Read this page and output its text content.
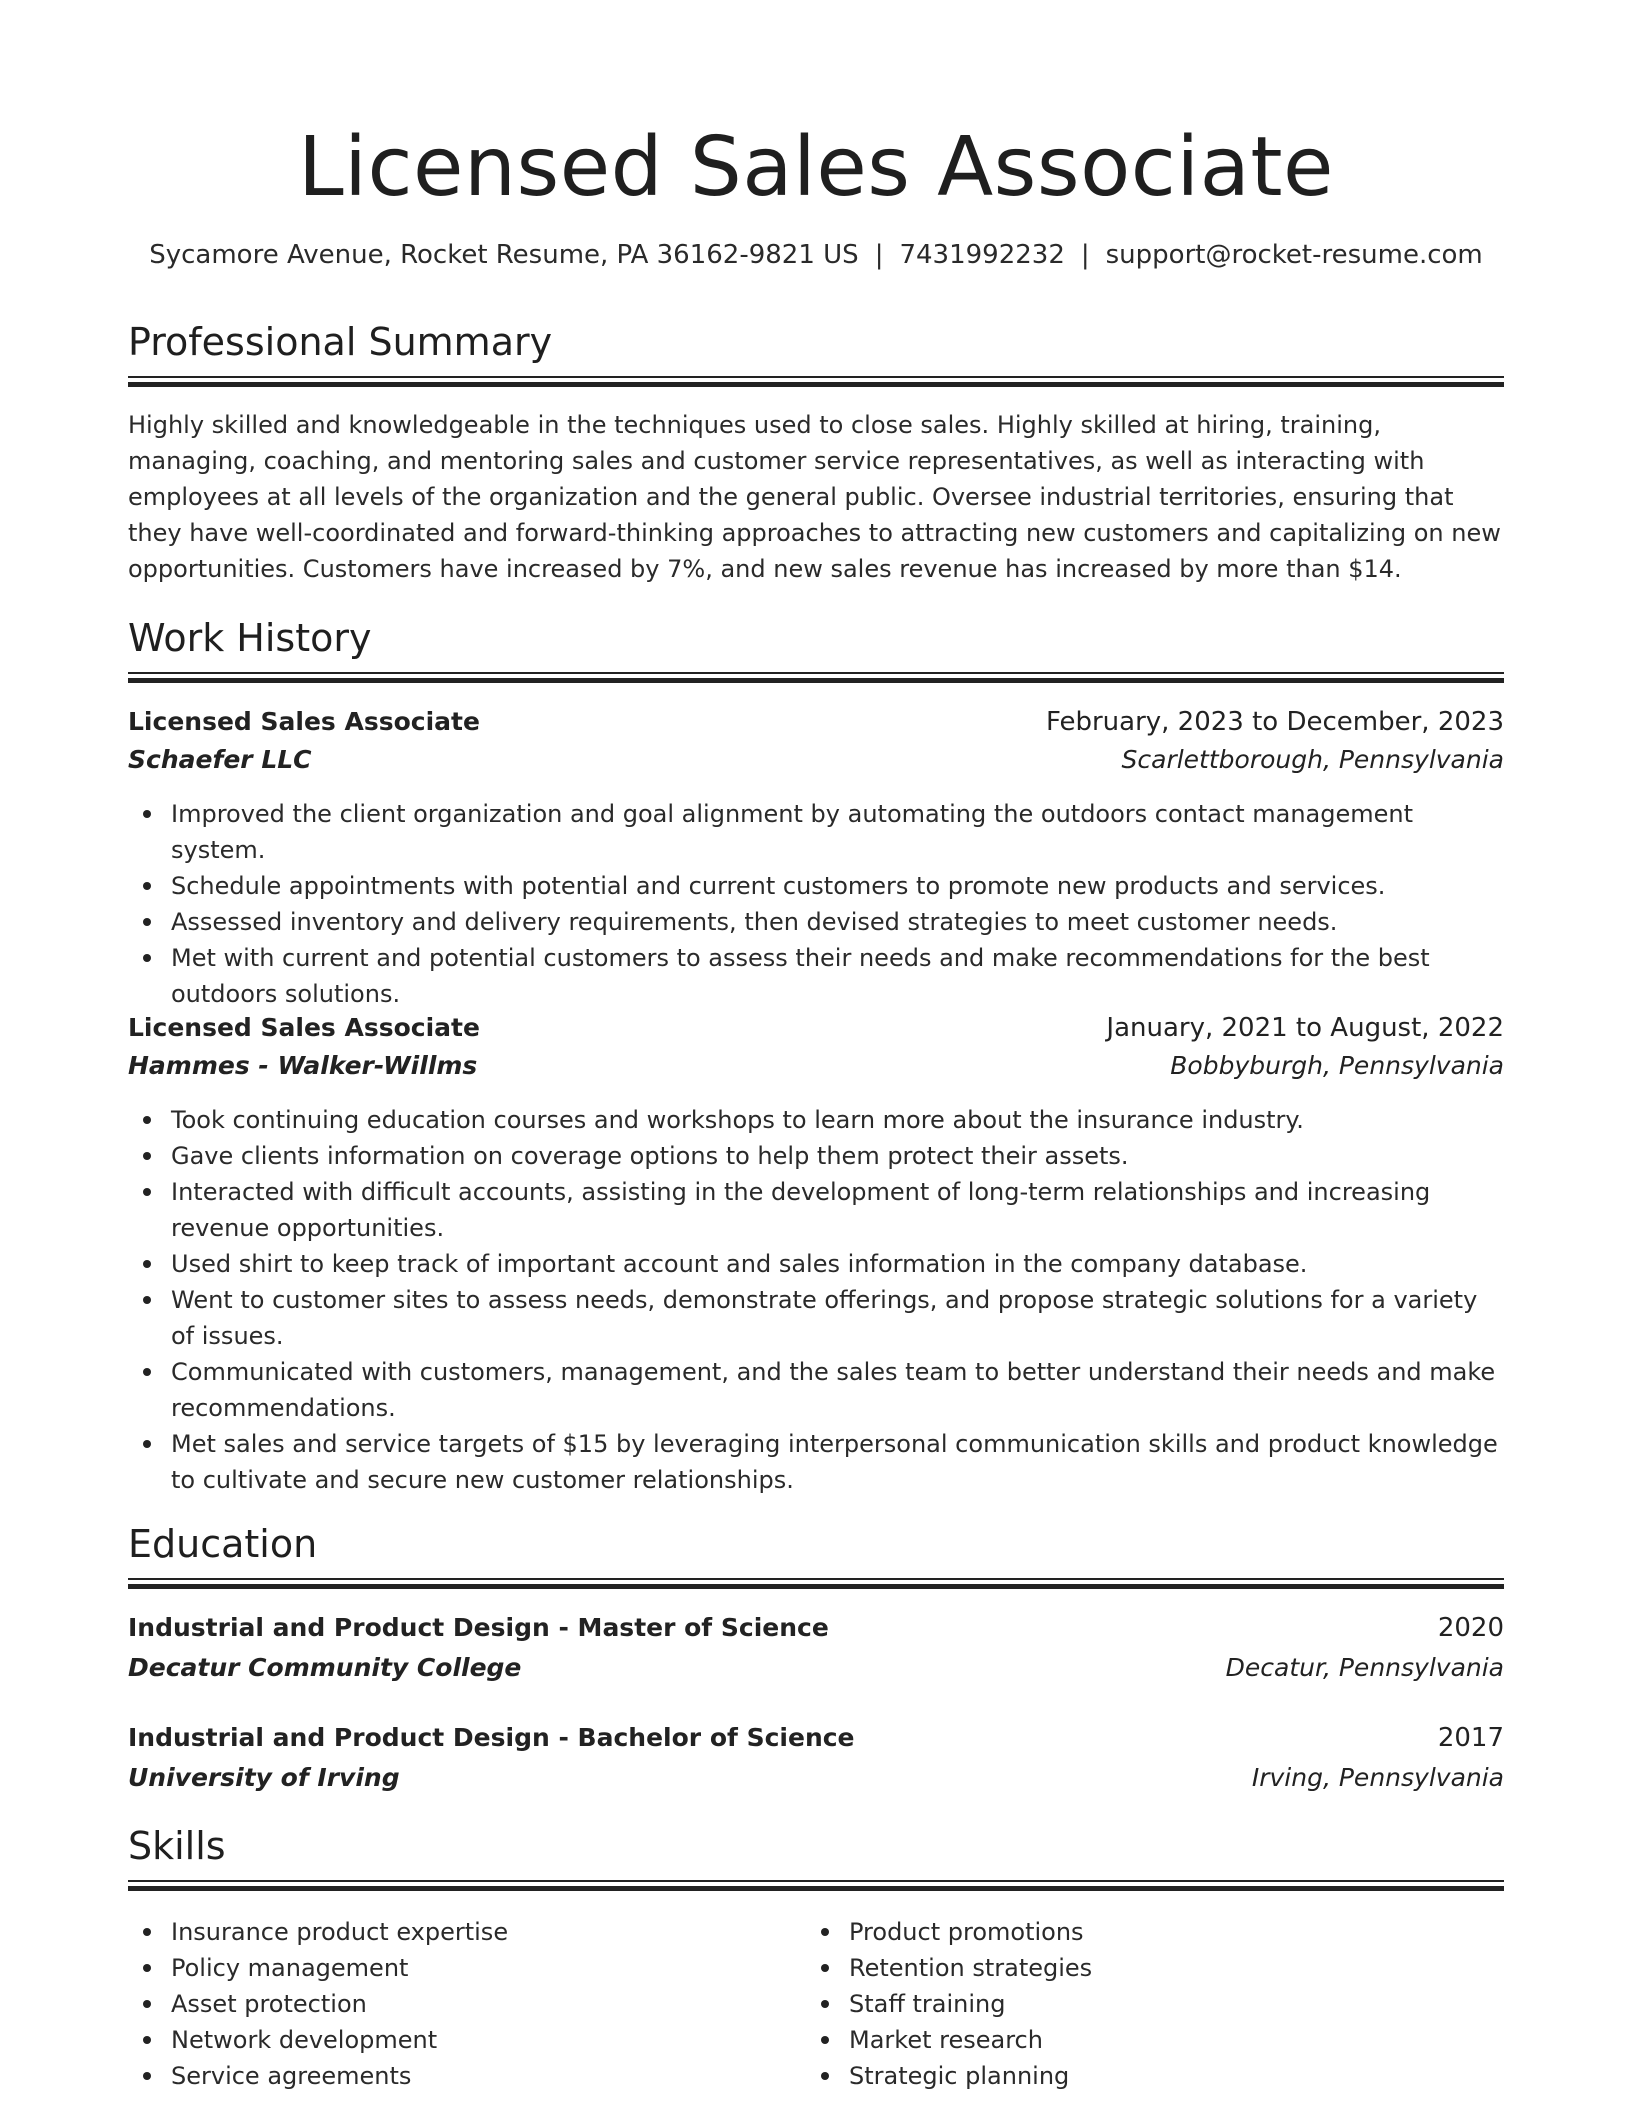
Licensed Sales Associate
Sycamore Avenue, Rocket Resume, PA 36162-9821 US | 7431992232 | support@rocket-resume.com
Professional Summary
Highly skilled and knowledgeable in the techniques used to close sales. Highly skilled at hiring, training, managing, coaching, and mentoring sales and customer service representatives, as well as interacting with employees at all levels of the organization and the general public. Oversee industrial territories, ensuring that they have well-coordinated and forward-thinking approaches to attracting new customers and capitalizing on new opportunities. Customers have increased by 7%, and new sales revenue has increased by more than $14.
Work History
Licensed Sales Associate	February, 2023 to December, 2023
Schaefer LLC	Scarlettborough, Pennsylvania
Improved the client organization and goal alignment by automating the outdoors contact management system.
Schedule appointments with potential and current customers to promote new products and services.
Assessed inventory and delivery requirements, then devised strategies to meet customer needs.
Met with current and potential customers to assess their needs and make recommendations for the best outdoors solutions.
Licensed Sales Associate	January, 2021 to August, 2022
Hammes - Walker-Willms	Bobbyburgh, Pennsylvania
Took continuing education courses and workshops to learn more about the insurance industry.
Gave clients information on coverage options to help them protect their assets.
Interacted with difficult accounts, assisting in the development of long-term relationships and increasing revenue opportunities.
Used shirt to keep track of important account and sales information in the company database.
Went to customer sites to assess needs, demonstrate offerings, and propose strategic solutions for a variety of issues.
Communicated with customers, management, and the sales team to better understand their needs and make recommendations.
Met sales and service targets of $15 by leveraging interpersonal communication skills and product knowledge to cultivate and secure new customer relationships.
Education
Industrial and Product Design - Master of Science	2020
Decatur Community College	Decatur, Pennsylvania
Industrial and Product Design - Bachelor of Science	2017
University of Irving	Irving, Pennsylvania
Skills
Insurance product expertise
Policy management
Asset protection
Network development
Service agreements
Product promotions
Retention strategies
Staff training
Market research
Strategic planning
